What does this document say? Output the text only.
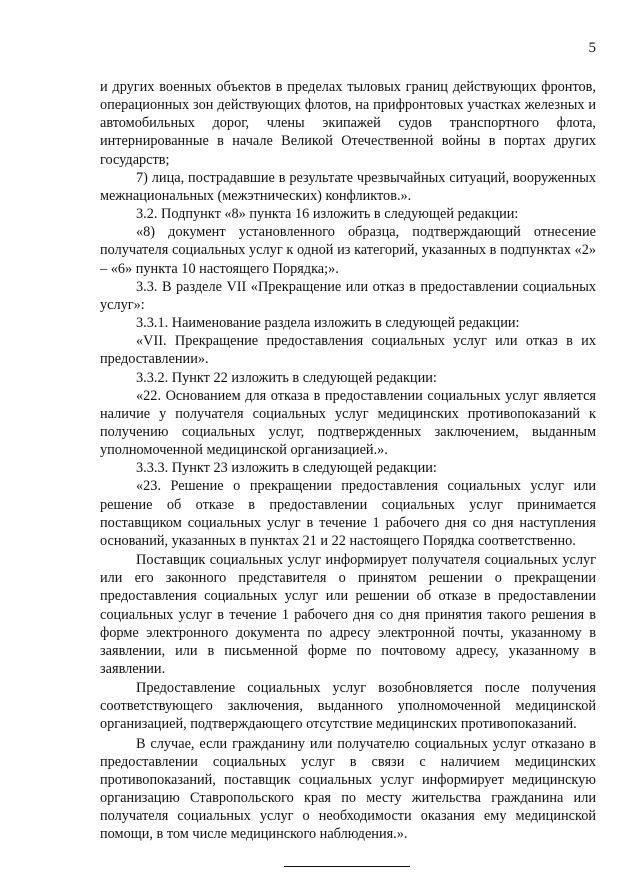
5

и других военных объектов в пределах тыловых границ действующих фронтов, операционных зон действующих флотов, на прифронтовых участках железных и автомобильных дорог, члены экипажей судов транспортного флота, интернированные в начале Великой Отечественной войны в портах других государств;

7) лица, пострадавшие в результате чрезвычайных ситуаций, вооруженных межнациональных (межэтнических) конфликтов.».

3.2. Подпункт «8» пункта 16 изложить в следующей редакции:

«8) документ установленного образца, подтверждающий отнесение получателя социальных услуг к одной из категорий, указанных в подпунктах «2» – «6» пункта 10 настоящего Порядка;».

3.3. В разделе VII «Прекращение или отказ в предоставлении социальных услуг»:

3.3.1. Наименование раздела изложить в следующей редакции:

«VII. Прекращение предоставления социальных услуг или отказ в их предоставлении».

3.3.2. Пункт 22 изложить в следующей редакции:

«22. Основанием для отказа в предоставлении социальных услуг является наличие у получателя социальных услуг медицинских противопоказаний к получению социальных услуг, подтвержденных заключением, выданным уполномоченной медицинской организацией.».

3.3.3. Пункт 23 изложить в следующей редакции:

«23. Решение о прекращении предоставления социальных услуг или решение об отказе в предоставлении социальных услуг принимается поставщиком социальных услуг в течение 1 рабочего дня со дня наступления оснований, указанных в пунктах 21 и 22 настоящего Порядка соответственно.

Поставщик социальных услуг информирует получателя социальных услуг или его законного представителя о принятом решении о прекращении предоставления социальных услуг или решении об отказе в предоставлении социальных услуг в течение 1 рабочего дня со дня принятия такого решения в форме электронного документа по адресу электронной почты, указанному в заявлении, или в письменной форме по почтовому адресу, указанному в заявлении.

Предоставление социальных услуг возобновляется после получения соответствующего заключения, выданного уполномоченной медицинской организацией, подтверждающего отсутствие медицинских противопоказаний.

В случае, если гражданину или получателю социальных услуг отказано в предоставлении социальных услуг в связи с наличием медицинских противопоказаний, поставщик социальных услуг информирует медицинскую организацию Ставропольского края по месту жительства гражданина или получателя социальных услуг о необходимости оказания ему медицинской помощи, в том числе медицинского наблюдения.».
